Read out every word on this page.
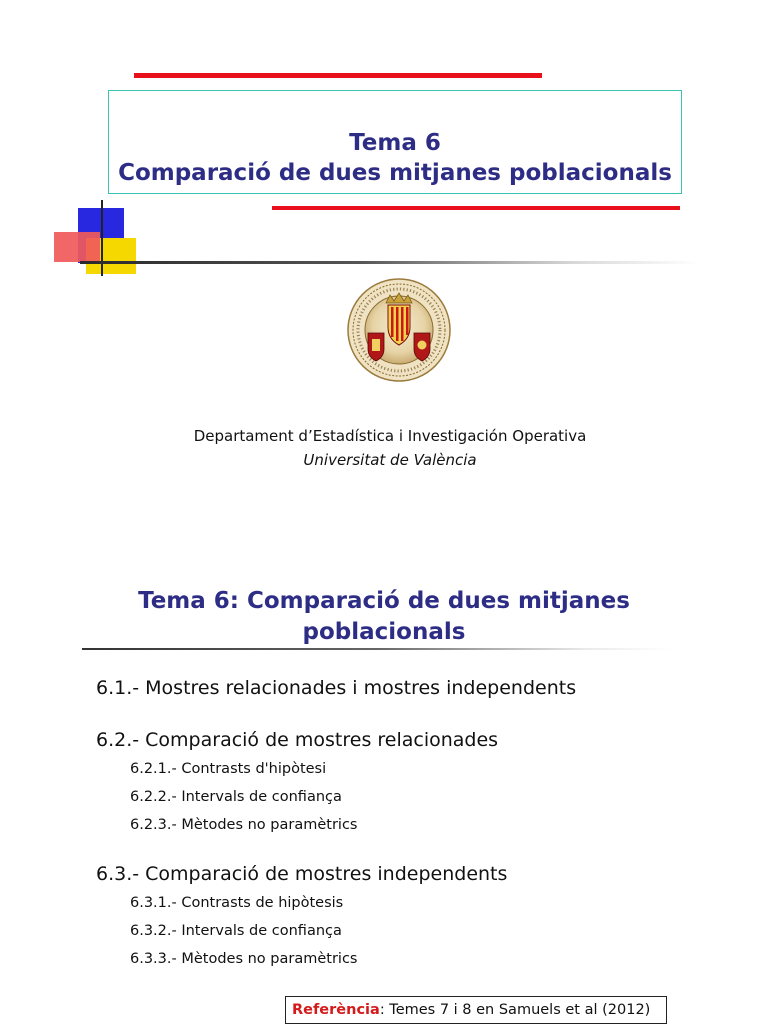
Tema 6
Comparació de dues mitjanes poblacionals
Departament d’Estadística i Investigación Operativa
Universitat de València
Tema 6: Comparació de dues mitjanes
poblacionals
6.1.- Mostres relacionades i mostres independents
6.2.- Comparació de mostres relacionades
6.2.1.- Contrasts d'hipòtesi
6.2.2.- Intervals de confiança
6.2.3.- Mètodes no paramètrics
6.3.- Comparació de mostres independents
6.3.1.- Contrasts de hipòtesis
6.3.2.- Intervals de confiança
6.3.3.- Mètodes no paramètrics
Referència: Temes 7 i 8 en Samuels et al (2012)
